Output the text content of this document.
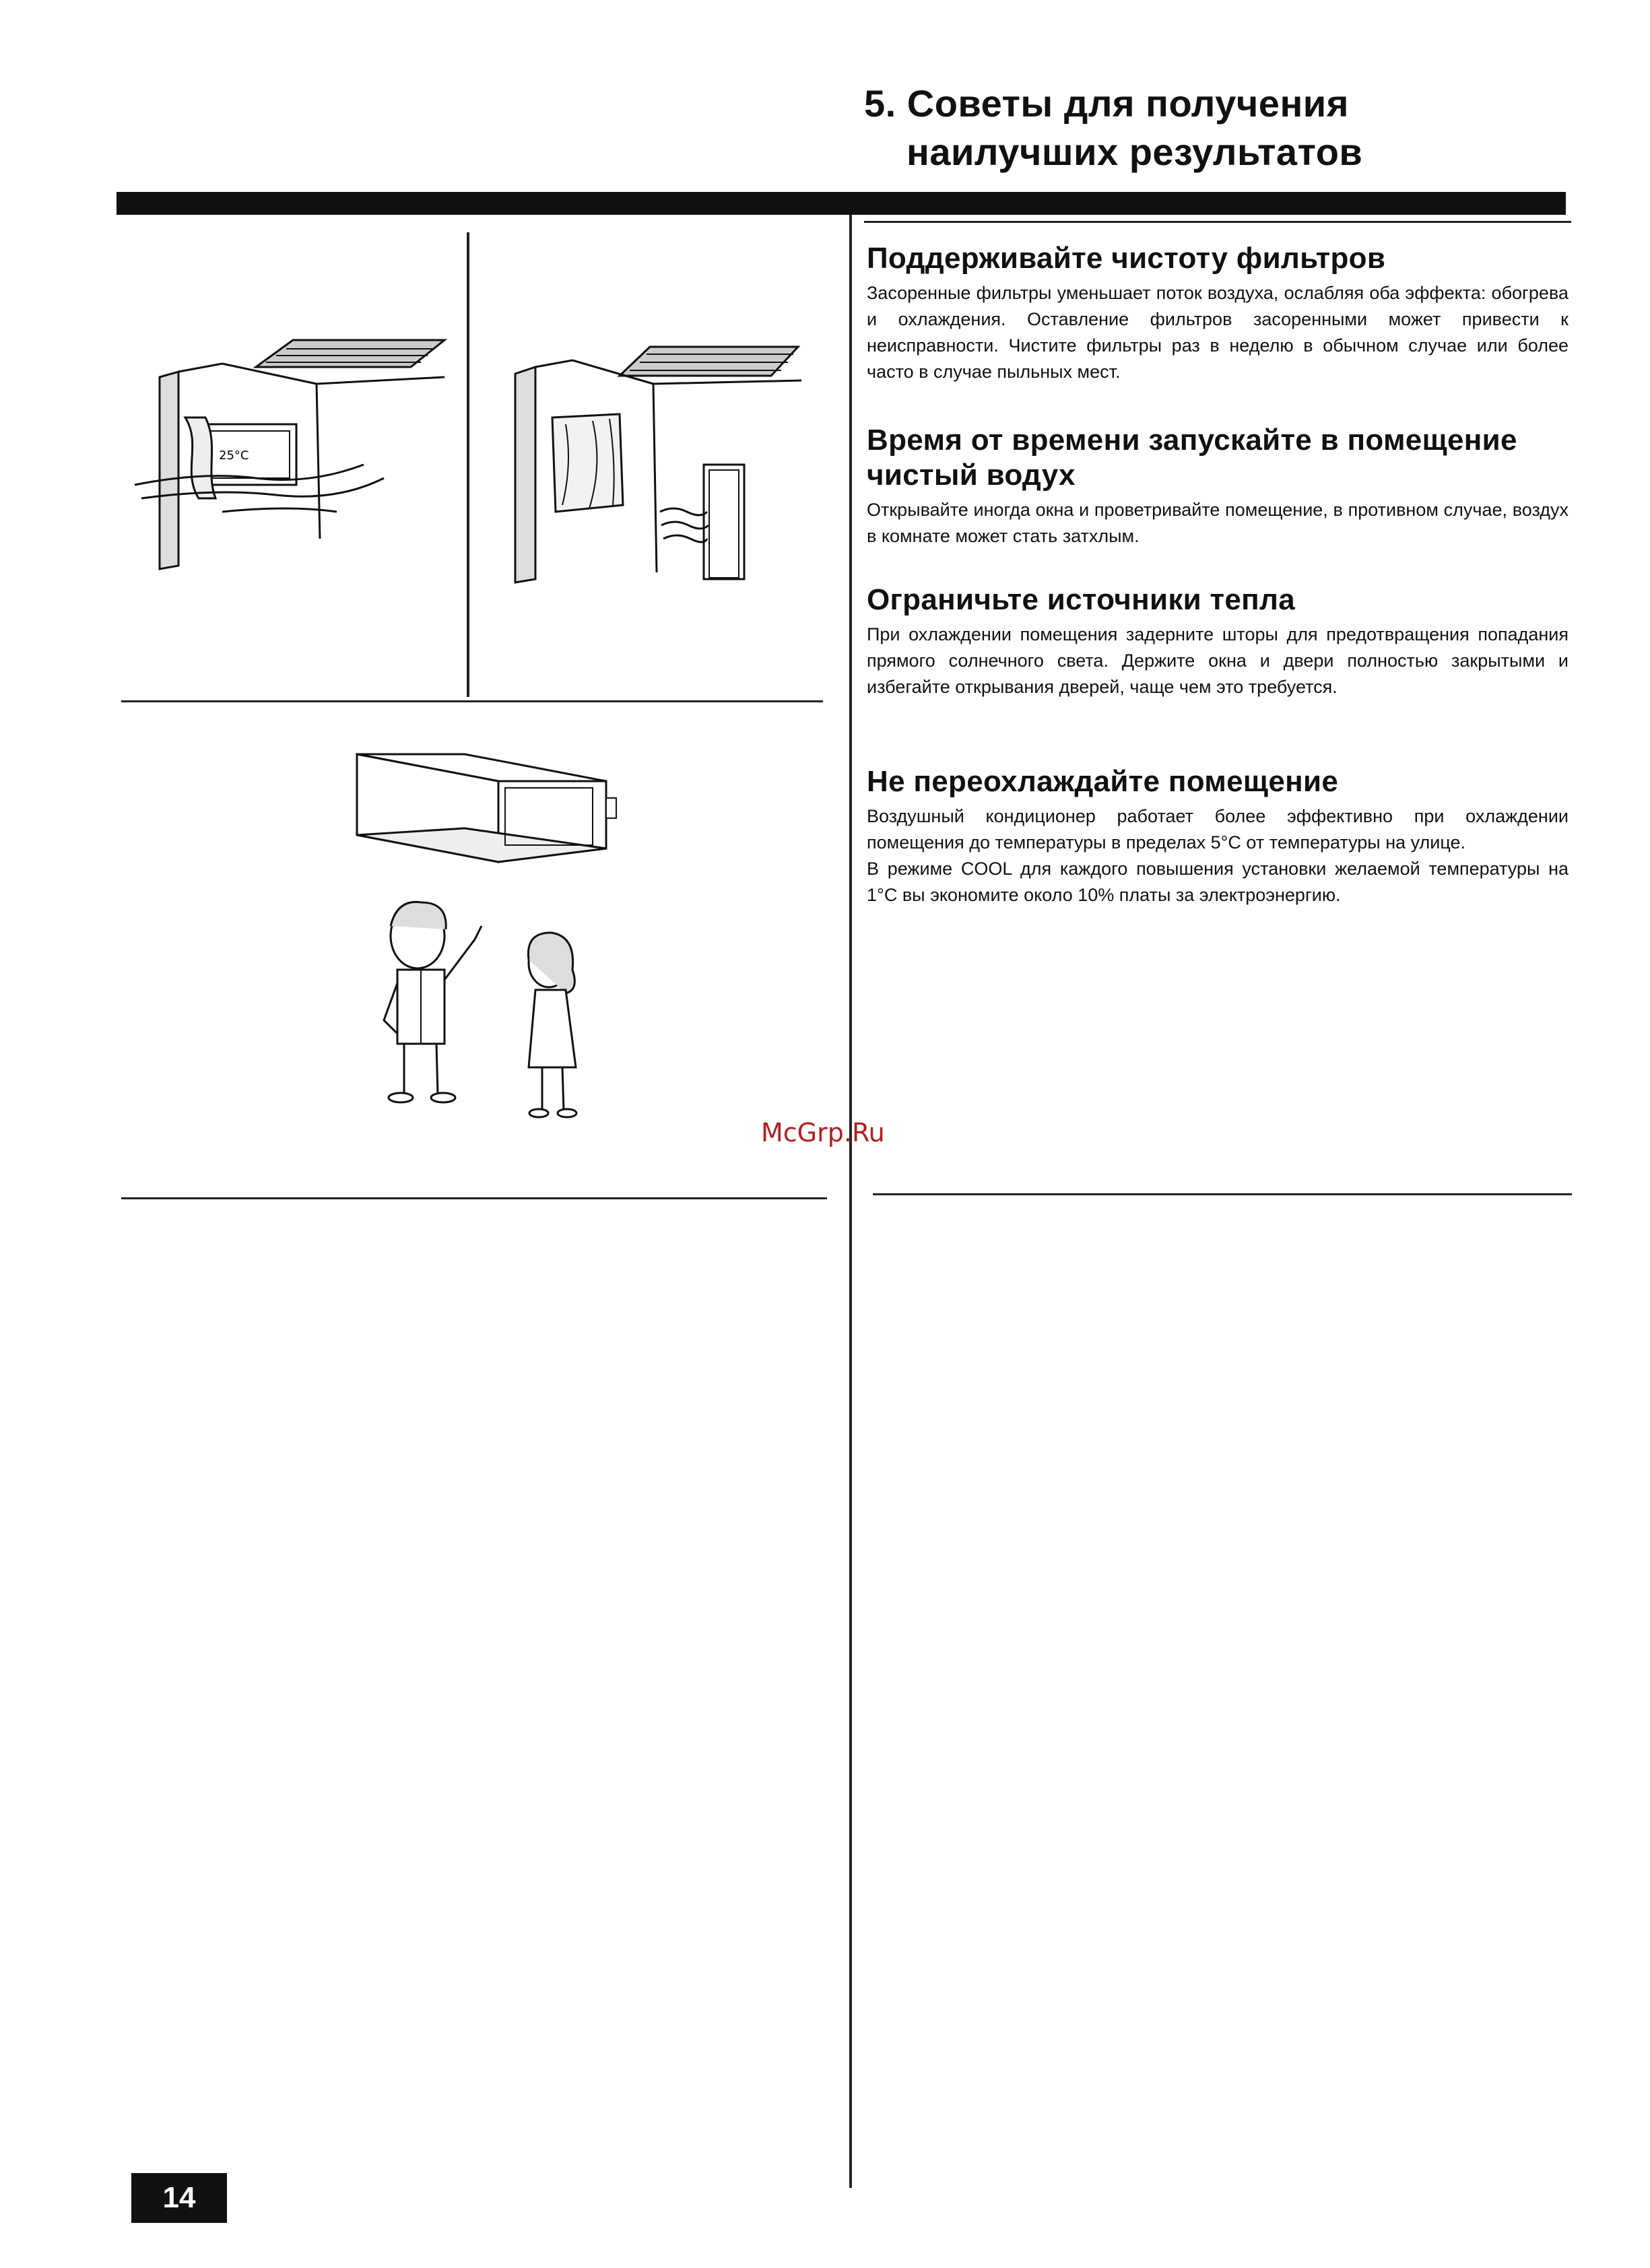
5. Советы для получения
наилучших результатов
25°C
Поддерживайте чистоту фильтров

Засоренные фильтры уменьшает поток воздуха, ослабляя оба эффекта: обогрева и охлаждения. Оставление фильтров засоренными может привести к неисправности. Чистите фильтры раз в неделю в обычном случае или более часто в случае пыльных мест.

Время от времени запускайте в помещение чистый водух

Открывайте иногда окна и проветривайте помещение, в противном случае, воздух в комнате может стать затхлым.

Ограничьте источники тепла

При охлаждении помещения задерните шторы для предотвращения попадания прямого солнечного света. Держите окна и двери полностью закрытыми и избегайте открывания дверей, чаще чем это требуется.

Не переохлаждайте помещение

Воздушный кондиционер работает более эффективно при охлаждении помещения до температуры в пределах 5°С от температуры на улице.

В режиме COOL для каждого повышения установки желаемой температуры на 1°С вы экономите около 10% платы за электроэнергию.

McGrp.Ru
14
